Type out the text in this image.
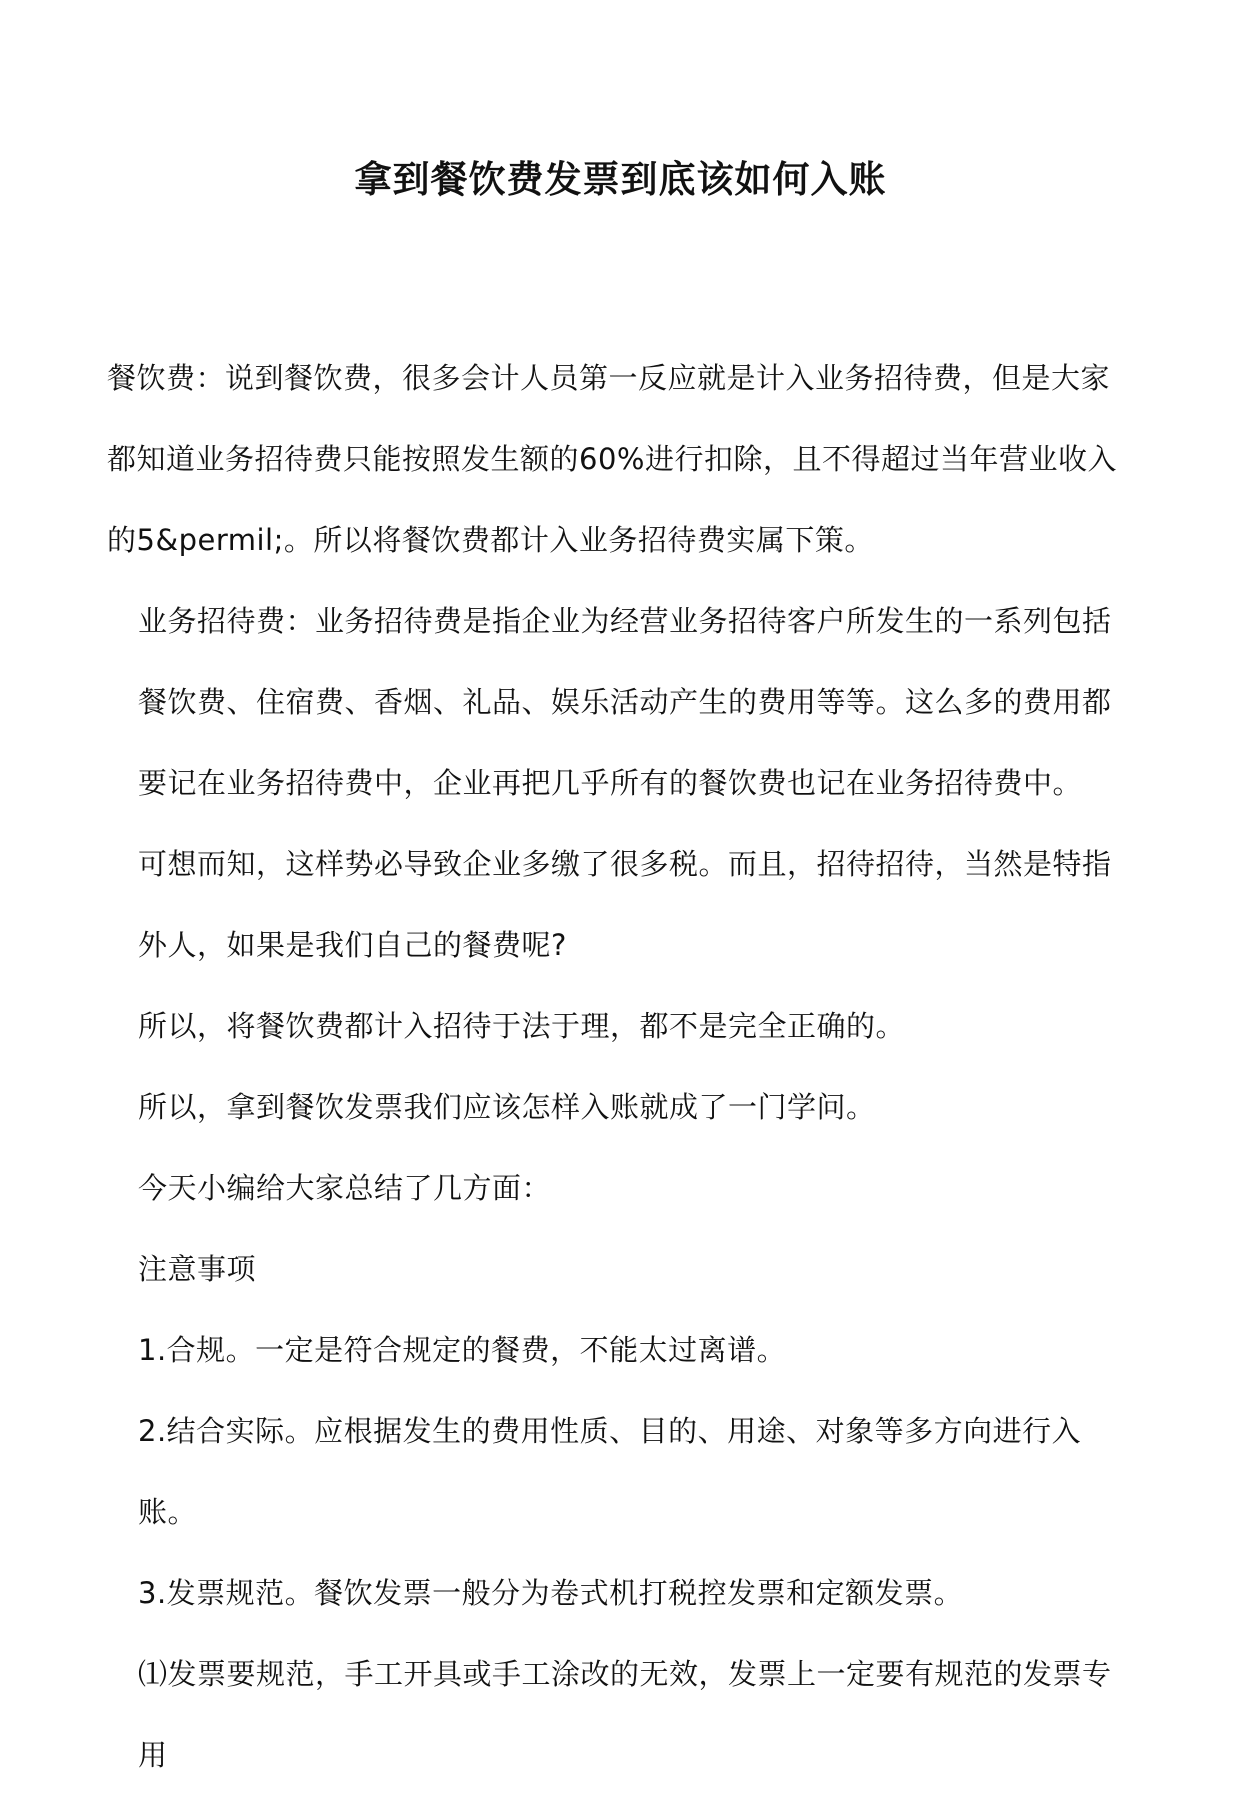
拿到餐饮费发票到底该如何入账

餐饮费：说到餐饮费，很多会计人员第一反应就是计入业务招待费，但是大家都知道业务招待费只能按照发生额的60%进行扣除，且不得超过当年营业收入的5&permil;。所以将餐饮费都计入业务招待费实属下策。

业务招待费：业务招待费是指企业为经营业务招待客户所发生的一系列包括餐饮费、住宿费、香烟、礼品、娱乐活动产生的费用等等。这么多的费用都要记在业务招待费中，企业再把几乎所有的餐饮费也记在业务招待费中。

可想而知，这样势必导致企业多缴了很多税。而且，招待招待，当然是特指外人，如果是我们自己的餐费呢?

所以，将餐饮费都计入招待于法于理，都不是完全正确的。

所以，拿到餐饮发票我们应该怎样入账就成了一门学问。

今天小编给大家总结了几方面：

注意事项

1.合规。一定是符合规定的餐费，不能太过离谱。

2.结合实际。应根据发生的费用性质、目的、用途、对象等多方向进行入账。

3.发票规范。餐饮发票一般分为卷式机打税控发票和定额发票。

⑴发票要规范，手工开具或手工涂改的无效，发票上一定要有规范的发票专用
